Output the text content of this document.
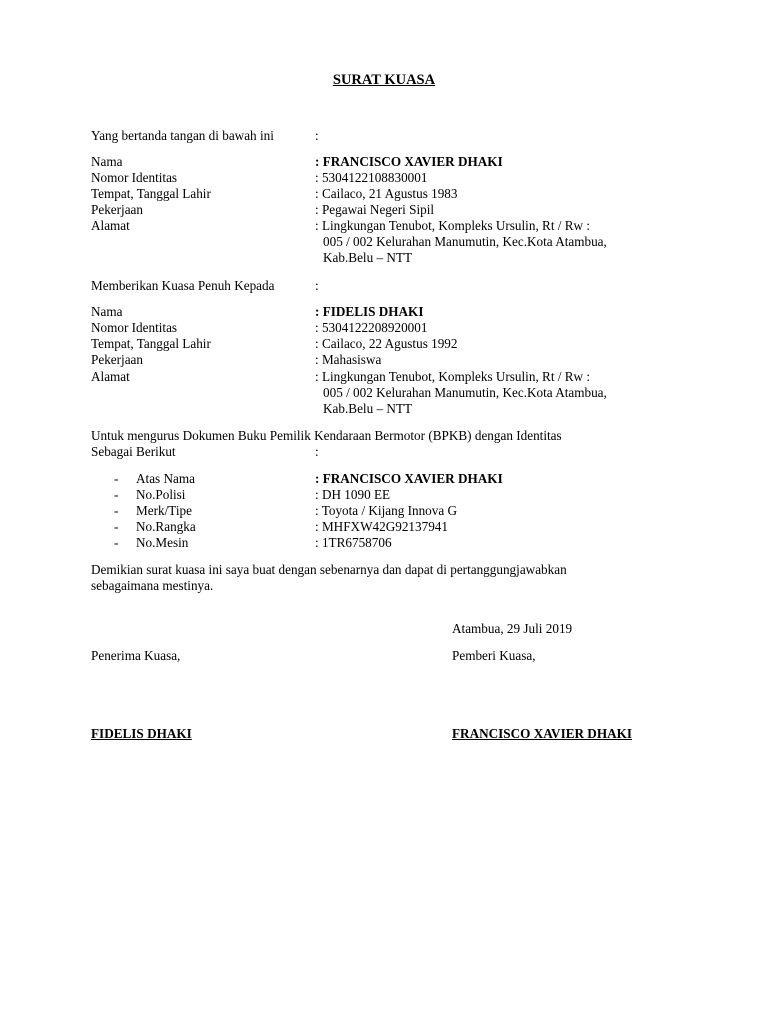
SURAT KUASA
Yang bertanda tangan di bawah ini	:
Nama	: FRANCISCO XAVIER DHAKI
Nomor Identitas	: 5304122108830001
Tempat, Tanggal Lahir	: Cailaco, 21 Agustus 1983
Pekerjaan	: Pegawai Negeri Sipil
Alamat	: Lingkungan Tenubot, Kompleks Ursulin, Rt / Rw :
005 / 002 Kelurahan Manumutin, Kec.Kota Atambua,
Kab.Belu – NTT
Memberikan Kuasa Penuh Kepada	:
Nama	: FIDELIS DHAKI
Nomor Identitas	: 5304122208920001
Tempat, Tanggal Lahir	: Cailaco, 22 Agustus 1992
Pekerjaan	: Mahasiswa
Alamat	: Lingkungan Tenubot, Kompleks Ursulin, Rt / Rw :
005 / 002 Kelurahan Manumutin, Kec.Kota Atambua,
Kab.Belu – NTT
Untuk mengurus Dokumen Buku Pemilik Kendaraan Bermotor (BPKB) dengan Identitas
Sebagai Berikut	:
- Atas Nama	: FRANCISCO XAVIER DHAKI
- No.Polisi	: DH 1090 EE
- Merk/Tipe	: Toyota / Kijang Innova G
- No.Rangka	: MHFXW42G92137941
- No.Mesin	: 1TR6758706
Demikian surat kuasa ini saya buat dengan sebenarnya dan dapat di pertanggungjawabkan
sebagaimana mestinya.
Atambua, 29 Juli 2019
Penerima Kuasa,	Pemberi Kuasa,
FIDELIS DHAKI	FRANCISCO XAVIER DHAKI
